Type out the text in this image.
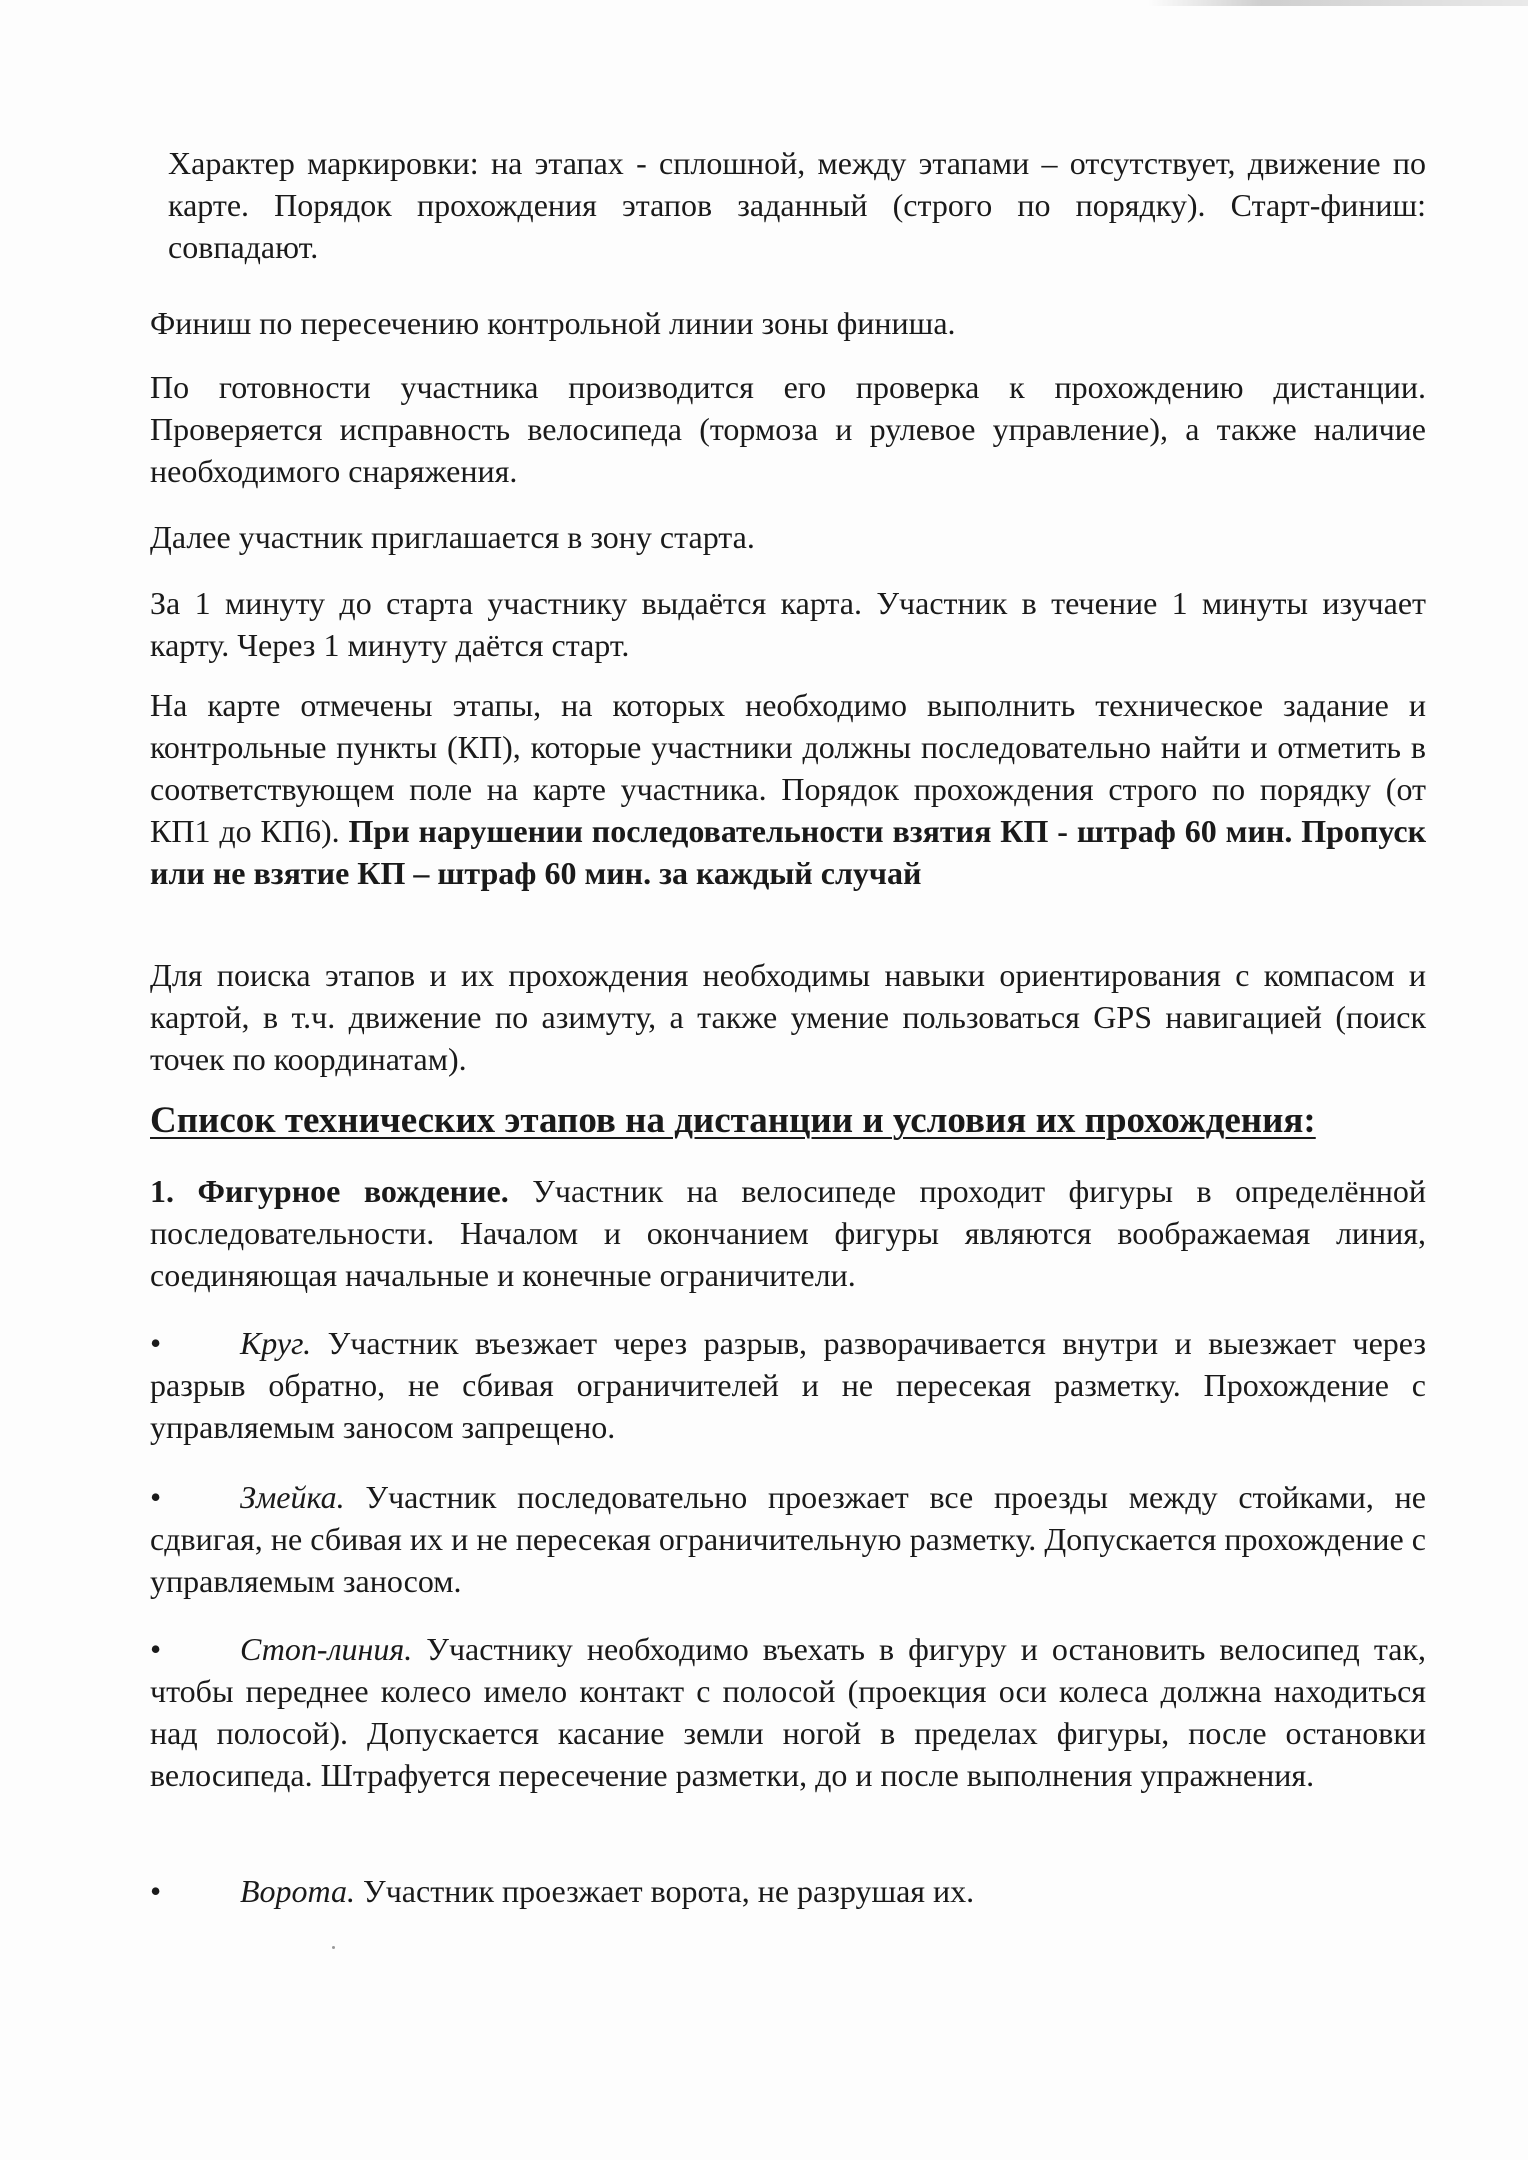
Характер маркировки: на этапах - сплошной, между этапами – отсутствует, движение по карте. Порядок прохождения этапов заданный (строго по порядку). Старт-финиш: совпадают.

Финиш по пересечению контрольной линии зоны финиша.

По готовности участника производится его проверка к прохождению дистанции. Проверяется исправность велосипеда (тормоза и рулевое управление), а также наличие необходимого снаряжения.

Далее участник приглашается в зону старта.

За 1 минуту до старта участнику выдаётся карта. Участник в течение 1 минуты изучает карту. Через 1 минуту даётся старт.

На карте отмечены этапы, на которых необходимо выполнить техническое задание и контрольные пункты (КП), которые участники должны последовательно найти и отметить в соответствующем поле на карте участника. Порядок прохождения строго по порядку (от КП1 до КП6). При нарушении последовательности взятия КП - штраф 60 мин. Пропуск или не взятие КП – штраф 60 мин. за каждый случай

Для поиска этапов и их прохождения необходимы навыки ориентирования с компасом и картой, в т.ч. движение по азимуту, а также умение пользоваться GPS навигацией (поиск точек по координатам).

Список технических этапов на дистанции и условия их прохождения:

1. Фигурное вождение. Участник на велосипеде проходит фигуры в определённой последовательности. Началом и окончанием фигуры являются воображаемая линия, соединяющая начальные и конечные ограничители.

• Круг. Участник въезжает через разрыв, разворачивается внутри и выезжает через разрыв обратно, не сбивая ограничителей и не пересекая разметку. Прохождение с управляемым заносом запрещено.

• Змейка. Участник последовательно проезжает все проезды между стойками, не сдвигая, не сбивая их и не пересекая ограничительную разметку. Допускается прохождение с управляемым заносом.

• Стоп-линия. Участнику необходимо въехать в фигуру и остановить велосипед так, чтобы переднее колесо имело контакт с полосой (проекция оси колеса должна находиться над полосой). Допускается касание земли ногой в пределах фигуры, после остановки велосипеда. Штрафуется пересечение разметки, до и после выполнения упражнения.

• Ворота. Участник проезжает ворота, не разрушая их.
